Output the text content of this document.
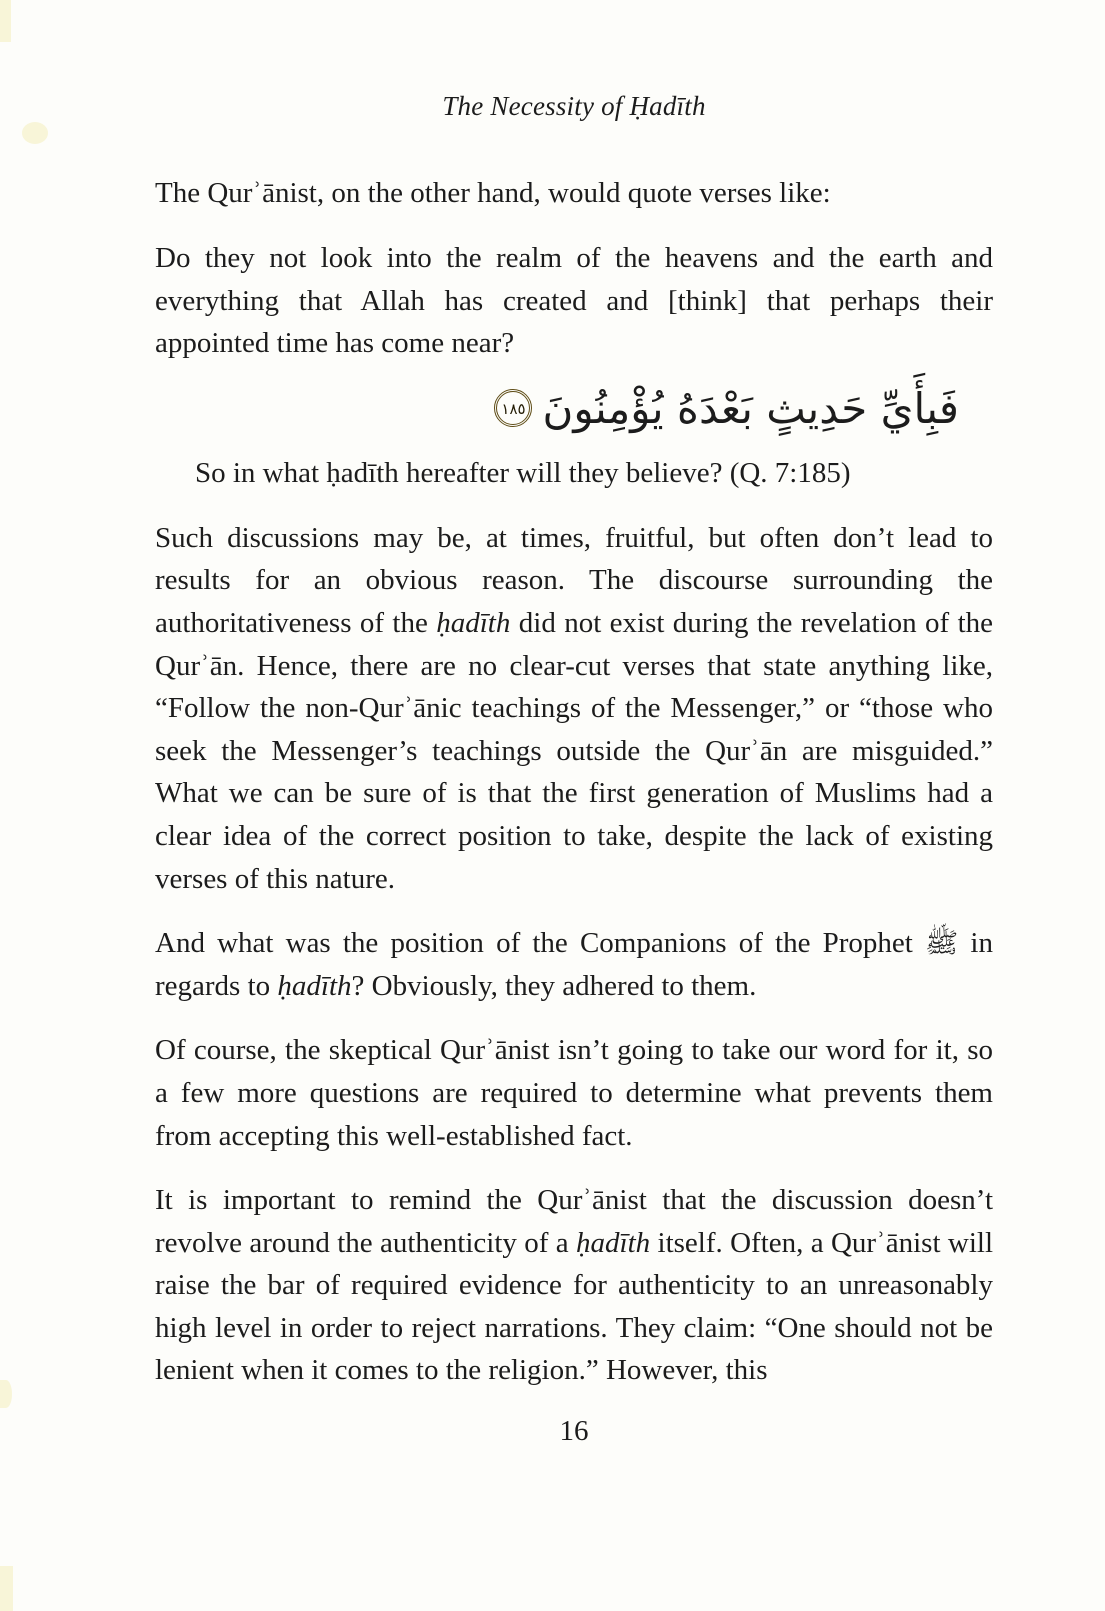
The Necessity of Ḥadīth

The Qurʾānist, on the other hand, would quote verses like:

Do they not look into the realm of the heavens and the earth and everything that Allah has created and [think] that perhaps their appointed time has come near?

فَبِأَيِّ حَدِيثٍ بَعْدَهُ يُؤْمِنُونَ١٨٥

So in what ḥadīth hereafter will they believe? (Q. 7:185)

Such discussions may be, at times, fruitful, but often don’t lead to results for an obvious reason. The discourse surrounding the authoritativeness of the ḥadīth did not exist during the revelation of the Qurʾān. Hence, there are no clear-cut verses that state anything like, “Follow the non-Qurʾānic teachings of the Messenger,” or “those who seek the Messenger’s teachings outside the Qurʾān are misguided.” What we can be sure of is that the first generation of Muslims had a clear idea of the correct position to take, despite the lack of existing verses of this nature.

And what was the position of the Companions of the Prophet ﷺ in regards to ḥadīth? Obviously, they adhered to them.

Of course, the skeptical Qurʾānist isn’t going to take our word for it, so a few more questions are required to determine what prevents them from accepting this well-established fact.

It is important to remind the Qurʾānist that the discussion doesn’t revolve around the authenticity of a ḥadīth itself. Often, a Qurʾānist will raise the bar of required evidence for authenticity to an unreasonably high level in order to reject narrations. They claim: “One should not be lenient when it comes to the religion.” However, this

16
